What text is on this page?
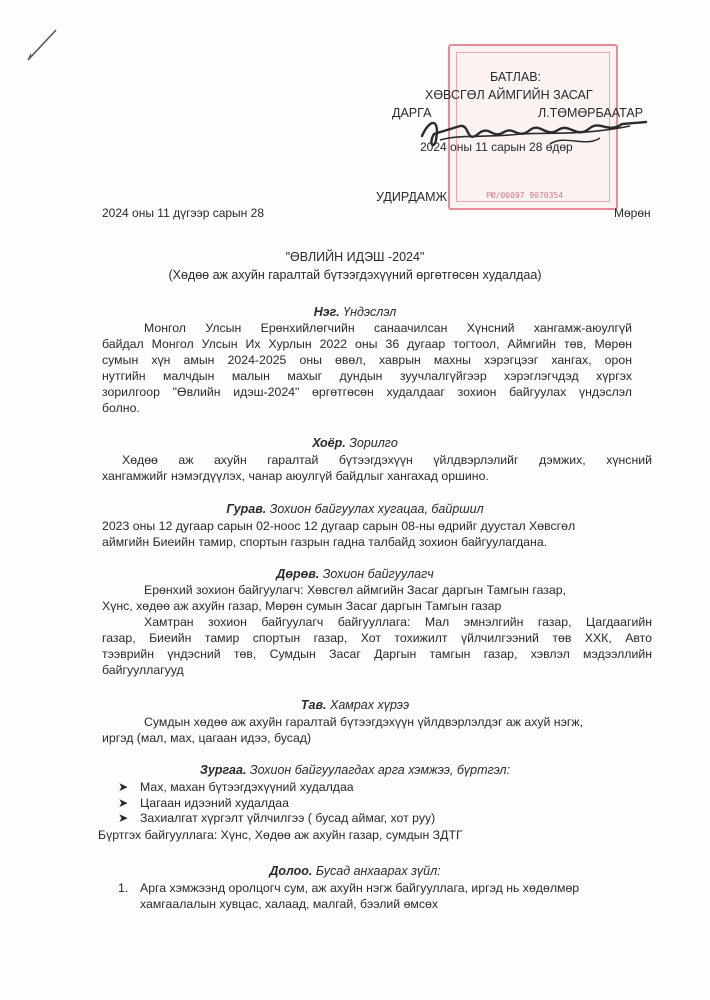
РЮ/00097 9070354
БАТЛАВ:
ХӨВСГӨЛ АЙМГИЙН ЗАСАГ
ДАРГА	Л.ТӨМӨРБААТАР
2024 оны 11 сарын 28 өдөр
УДИРДАМЖ
2024 оны 11 дүгээр сарын 28	Мөрөн
"ӨВЛИЙН ИДЭШ -2024"
(Хөдөө аж ахуйн гаралтай бүтээгдэхүүний өргөтгөсөн худалдаа)
Нэг. Үндэслэл
Монгол Улсын Ерөнхийлөгчийн санаачилсан Хүнсний хангамж-аюулгүй
байдал Монгол Улсын Их Хурлын 2022 оны 36 дугаар тогтоол, Аймгийн төв, Мөрөн
сумын хүн амын 2024-2025 оны өвөл, хаврын махны хэрэгцээг хангах, орон
нутгийн малчдын малын махыг дундын зуучлалгүйгээр хэрэглэгчдэд хүргэх
зорилгоор "Өвлийн идэш-2024" өргөтгөсөн худалдааг зохион байгуулах үндэслэл
болно.
Хоёр. Зорилго
Хөдөө аж ахуйн гаралтай бүтээгдэхүүн үйлдвэрлэлийг дэмжих, хүнсний
хангамжийг нэмэгдүүлэх, чанар аюулгүй байдлыг хангахад оршино.
Гурав. Зохион байгуулах хугацаа, байршил
2023 оны 12 дугаар сарын 02-ноос 12 дугаар сарын 08-ны өдрийг дуустал Хөвсгөл
аймгийн Биеийн тамир, спортын газрын гадна талбайд зохион байгуулагдана.
Дөрөв. Зохион байгуулагч
Ерөнхий зохион байгуулагч: Хөвсгөл аймгийн Засаг даргын Тамгын газар,
Хүнс, хөдөө аж ахуйн газар, Мөрөн сумын Засаг даргын Тамгын газар
Хамтран зохион байгуулагч байгууллага: Мал эмнэлгийн газар, Цагдаагийн
газар, Биеийн тамир спортын газар, Хот тохижилт үйлчилгээний төв ХХК, Авто
тээврийн үндэсний төв, Сумдын Засаг Даргын тамгын газар, хэвлэл мэдээллийн
байгууллагууд
Тав. Хамрах хүрээ
Сумдын хөдөө аж ахуйн гаралтай бүтээгдэхүүн үйлдвэрлэлдэг аж ахуй нэгж,
иргэд (мал, мах, цагаан идээ, бусад)
Зургаа. Зохион байгуулагдах арга хэмжээ, бүртгэл:
➤ Мах, махан бүтээгдэхүүний худалдаа
➤ Цагаан идээний худалдаа
➤ Захиалгат хүргэлт үйлчилгээ ( бусад аймаг, хот руу)
Бүртгэх байгууллага: Хүнс, Хөдөө аж ахуйн газар, сумдын ЗДТГ
Долоо. Бусад анхаарах зүйл:
1. Арга хэмжээнд оролцогч сум, аж ахуйн нэгж байгууллага, иргэд нь хөдөлмөр
хамгаалалын хувцас, халаад, малгай, бээлий өмсөх
